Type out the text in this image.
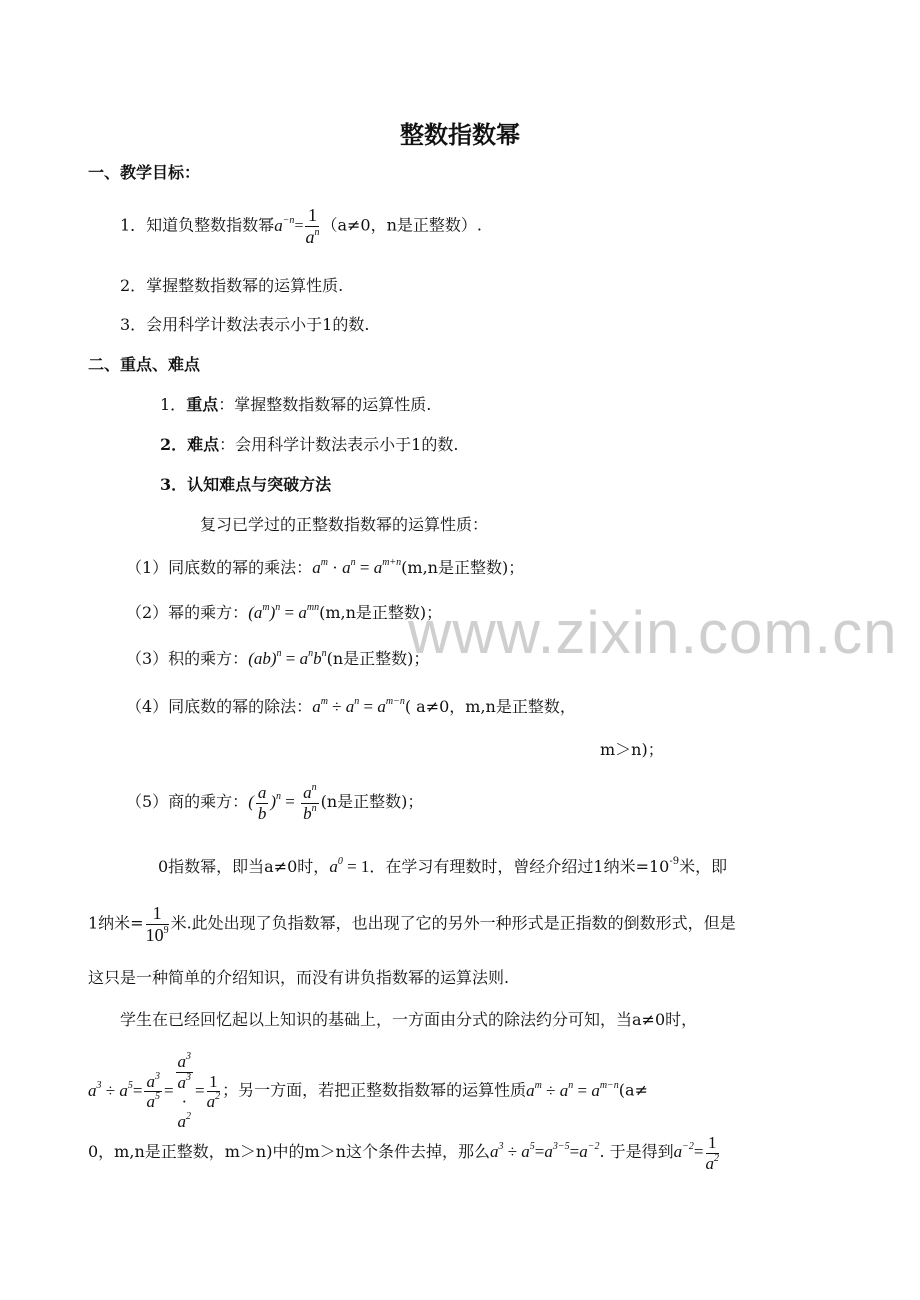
整数指数幂
一、教学目标：
1．知道负整数指数幂$a^{-n}= \frac{1}{a^n} (a\ne 0$，n是正整数）.
2．掌握整数指数幂的运算性质.
3．会用科学计数法表示小于1的数.
二、重点、难点
1．重点：掌握整数指数幂的运算性质.
2．难点：会用科学计数法表示小于1的数.
3．认知难点与突破方法
复习已学过的正整数指数幂的运算性质：
（1）同底数的幂的乘法：$a^m \cdot a^n = a^{m+n}(m,n$是正整数)；
（2）幂的乘方：$(a^m)^n = a^{mn}(m,n$是正整数)；
（3）积的乘方：$(ab)^n = a^nb^n(n$是正整数)；
（4）同底数的幂的除法：$a^m \div a^n = a^{m-n}$( a≠0，m,n是正整数，
m＞n)；
（5）商的乘方：( $\frac{a}{b} )^n = \frac{a^n}{b^n} (n$是正整数)；
0指数幂，即当a≠0时，$a^0 = 1$．在学习有理数时，曾经介绍过1纳米$=10^{-9}$米，即
1纳米= $\frac{1}{10^9}$ 米.此处出现了负指数幂，也出现了它的另外一种形式是正指数的倒数形式，但是
这只是一种简单的介绍知识，而没有讲负指数幂的运算法则.
学生在已经回忆起以上知识的基础上，一方面由分式的除法约分可知，当a≠0时，
$a^3 \div a^5= \frac{a^3}{a^5} = a^3$
$a^3$
·
$a^2 = \frac{1}{a^2}$ ；另一方面，若把正整数指数幂的运算性质$a^m \div a^n = a^{m-n}(a\ne$
0，m,n是正整数，m＞n)中的m＞n这个条件去掉，那么$a^3 \div a^5=a^{3-5}=a^{-2}$. 于是得到$a^{-2}= \frac{1}{a^2}$
www.zixin.com.cn
